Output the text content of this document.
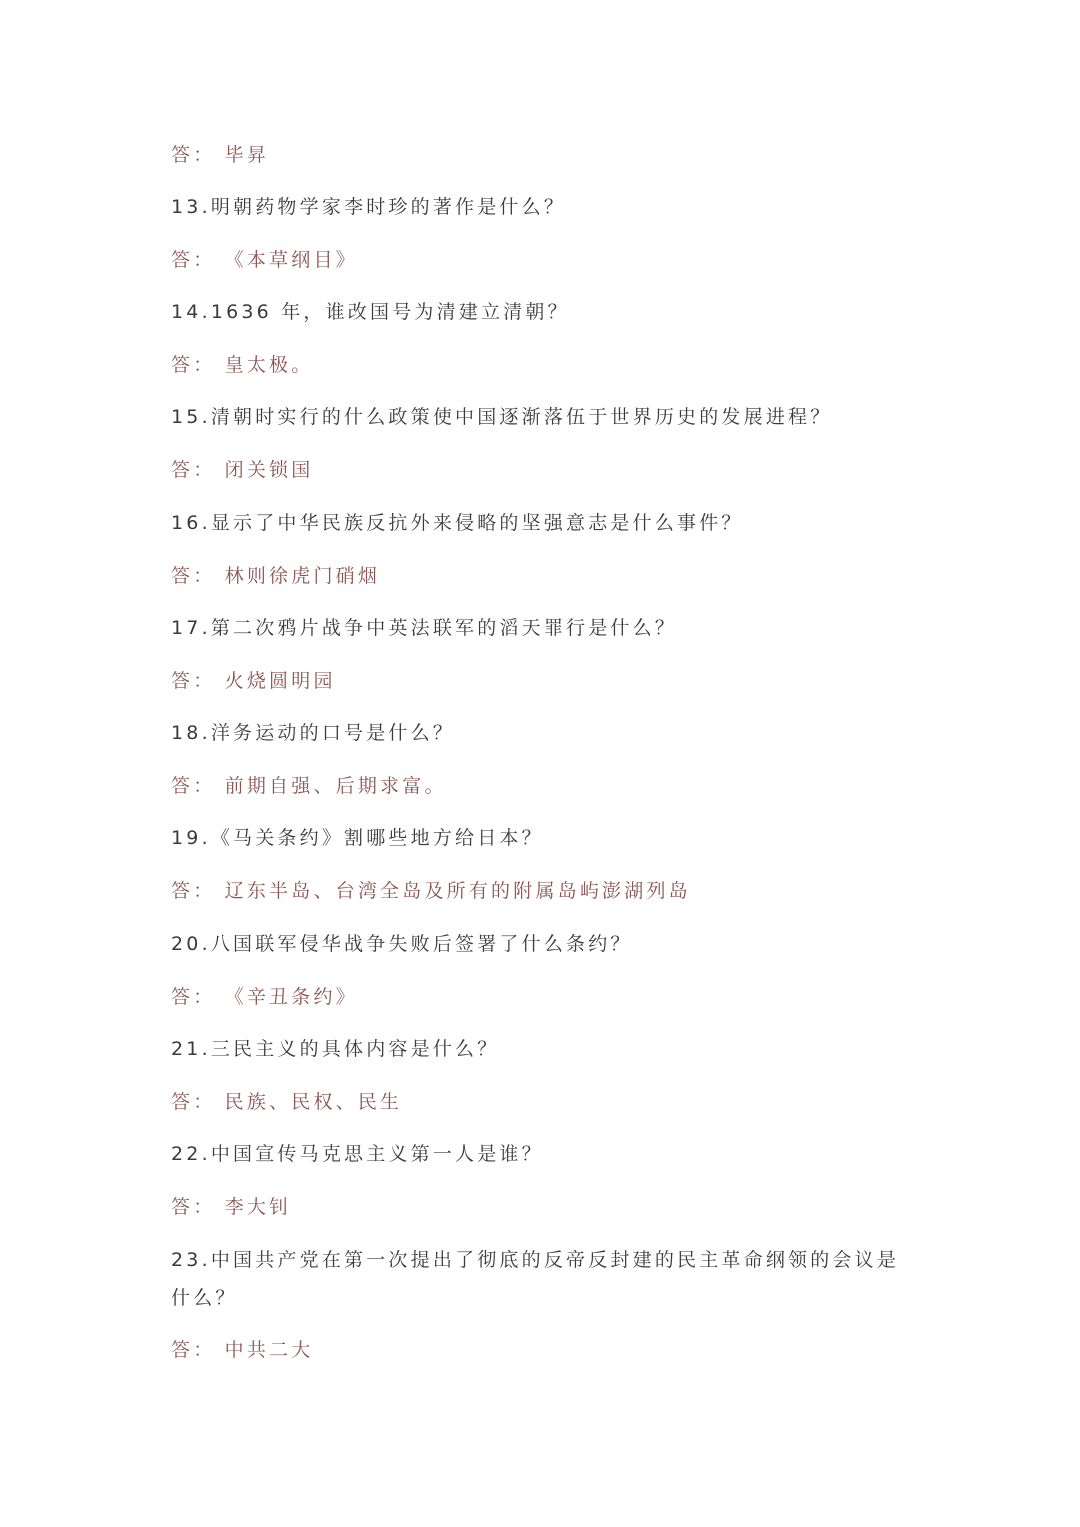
答： 毕昇

13.明朝药物学家李时珍的著作是什么？

答： 《本草纲目》

14.1636 年，谁改国号为清建立清朝？

答： 皇太极。

15.清朝时实行的什么政策使中国逐渐落伍于世界历史的发展进程？

答： 闭关锁国

16.显示了中华民族反抗外来侵略的坚强意志是什么事件？

答： 林则徐虎门硝烟

17.第二次鸦片战争中英法联军的滔天罪行是什么？

答： 火烧圆明园

18.洋务运动的口号是什么？

答： 前期自强、后期求富。

19.《马关条约》割哪些地方给日本？

答： 辽东半岛、台湾全岛及所有的附属岛屿澎湖列岛

20.八国联军侵华战争失败后签署了什么条约？

答： 《辛丑条约》

21.三民主义的具体内容是什么？

答： 民族、民权、民生

22.中国宣传马克思主义第一人是谁？

答： 李大钊

23.中国共产党在第一次提出了彻底的反帝反封建的民主革命纲领的会议是

什么？

答： 中共二大
